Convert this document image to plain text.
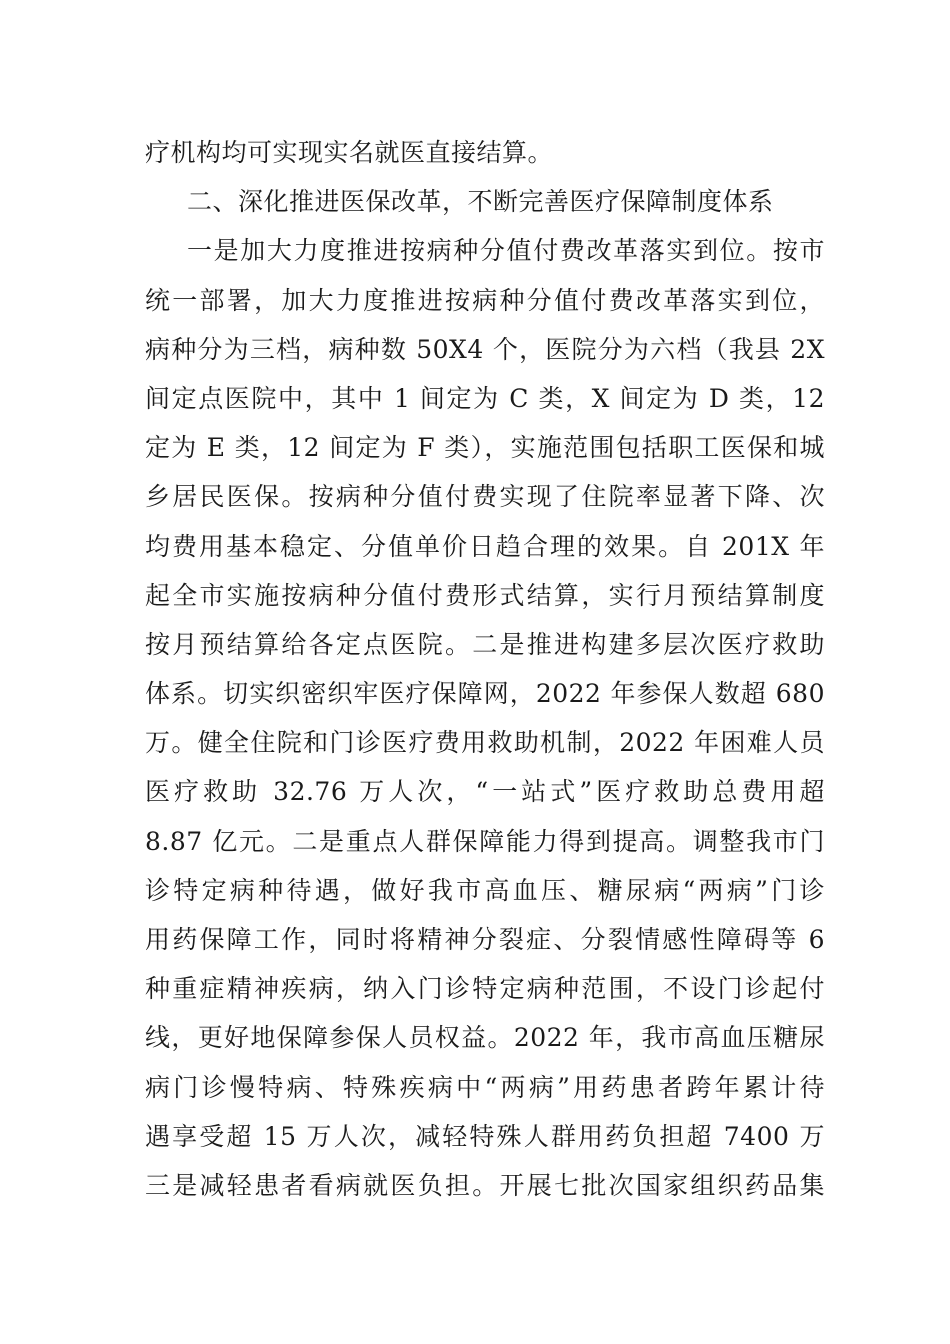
疗机构均可实现实名就医直接结算。
二、深化推进医保改革，不断完善医疗保障制度体系
一是加大力度推进按病种分值付费改革落实到位。按市
统一部署，加大力度推进按病种分值付费改革落实到位，
病种分为三档，病种数 50X4 个，医院分为六档（我县 2X
间定点医院中，其中 1 间定为 C 类，X 间定为 D 类，12
定为 E 类，12 间定为 F 类），实施范围包括职工医保和城
乡居民医保。按病种分值付费实现了住院率显著下降、次
均费用基本稳定、分值单价日趋合理的效果。自 201X 年
起全市实施按病种分值付费形式结算，实行月预结算制度
按月预结算给各定点医院。二是推进构建多层次医疗救助
体系。切实织密织牢医疗保障网，2022 年参保人数超 680
万。健全住院和门诊医疗费用救助机制，2022 年困难人员
医疗救助 32.76 万人次，“一站式”医疗救助总费用超
8.87 亿元。二是重点人群保障能力得到提高。调整我市门
诊特定病种待遇，做好我市高血压、糖尿病“两病”门诊
用药保障工作，同时将精神分裂症、分裂情感性障碍等 6
种重症精神疾病，纳入门诊特定病种范围，不设门诊起付
线，更好地保障参保人员权益。2022 年，我市高血压糖尿
病门诊慢特病、特殊疾病中“两病”用药患者跨年累计待
遇享受超 15 万人次，减轻特殊人群用药负担超 7400 万
三是减轻患者看病就医负担。开展七批次国家组织药品集
